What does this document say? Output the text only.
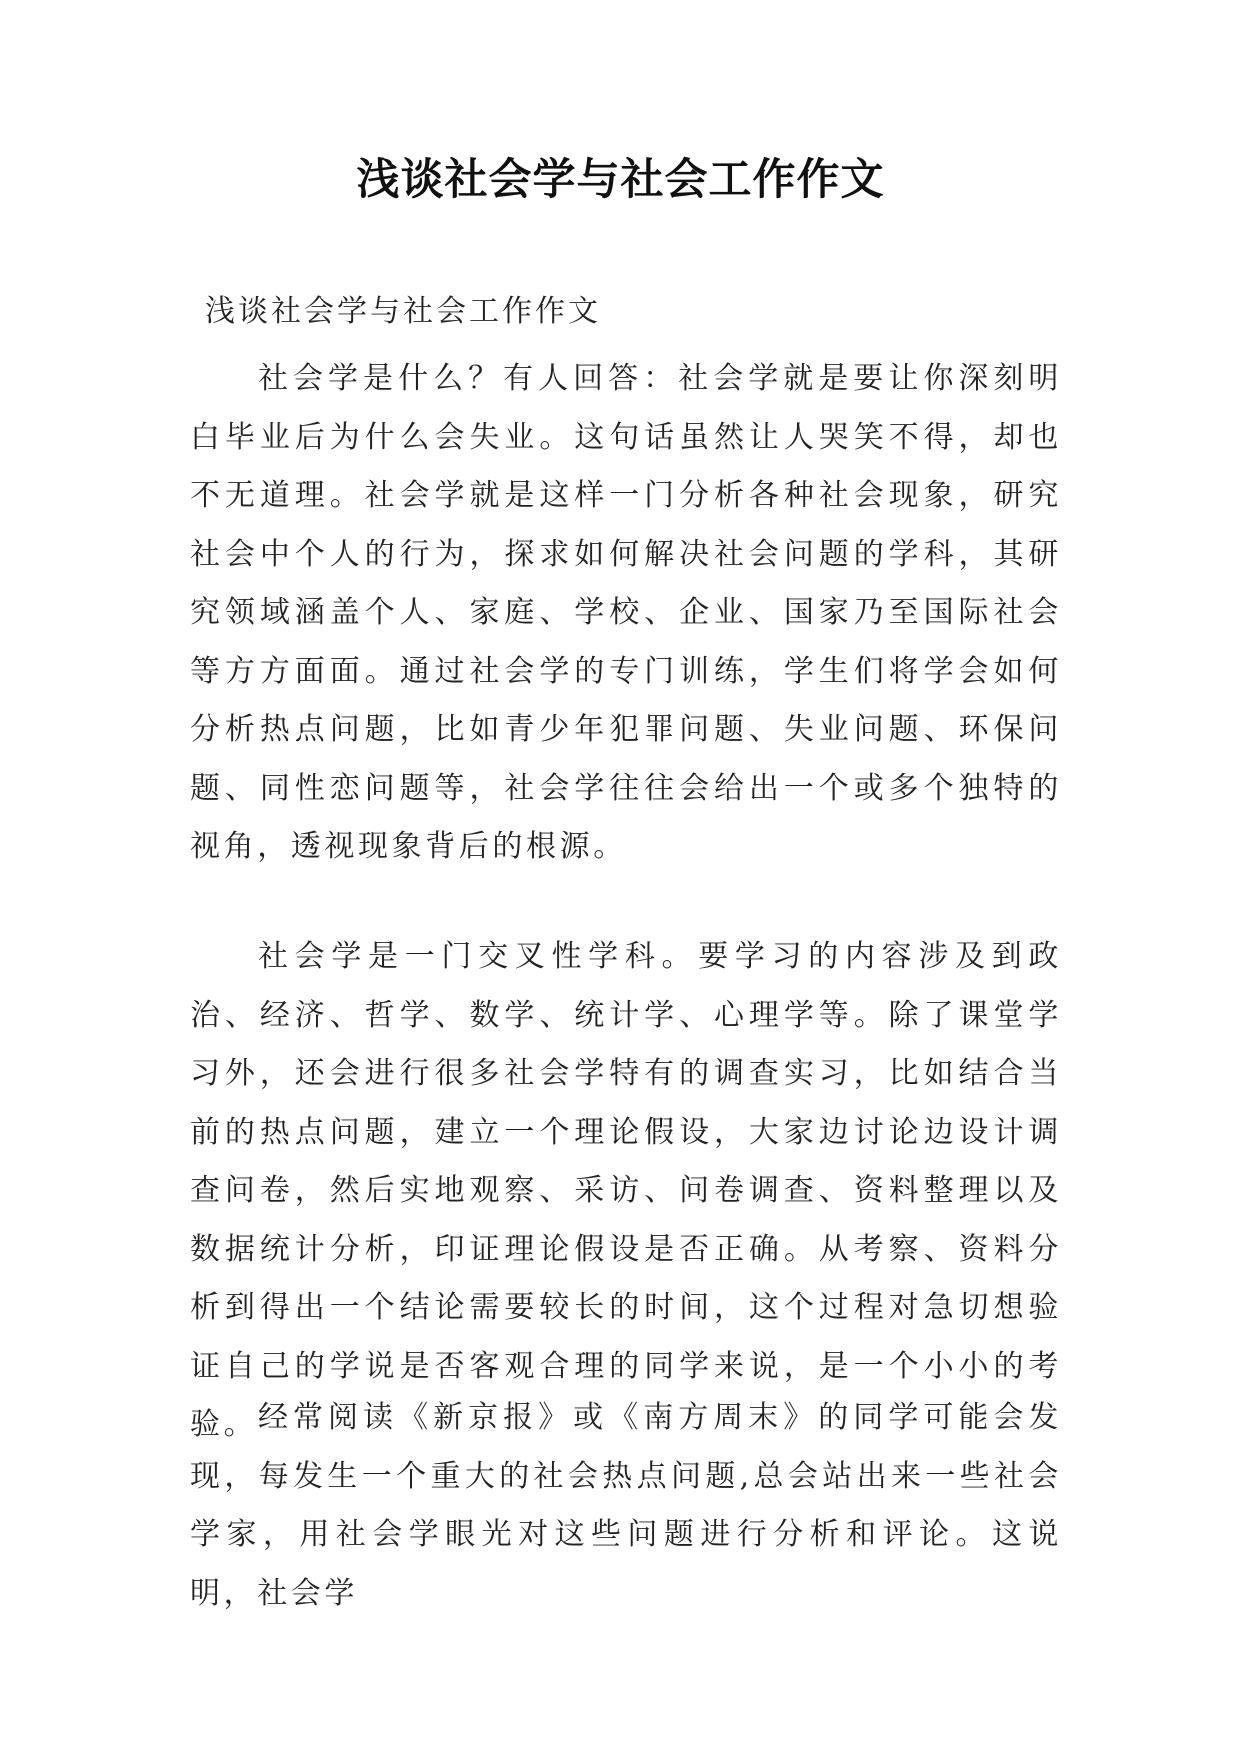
浅谈社会学与社会工作作文
浅谈社会学与社会工作作文

社会学是什么？有人回答：社会学就是要让你深刻明白毕业后为什么会失业。这句话虽然让人哭笑不得，却也不无道理。社会学就是这样一门分析各种社会现象，研究社会中个人的行为，探求如何解决社会问题的学科，其研究领域涵盖个人、家庭、学校、企业、国家乃至国际社会等方方面面。通过社会学的专门训练，学生们将学会如何分析热点问题，比如青少年犯罪问题、失业问题、环保问题、同性恋问题等，社会学往往会给出一个或多个独特的视角，透视现象背后的根源。

社会学是一门交叉性学科。要学习的内容涉及到政治、经济、哲学、数学、统计学、心理学等。除了课堂学习外，还会进行很多社会学特有的调查实习，比如结合当前的热点问题，建立一个理论假设，大家边讨论边设计调查问卷，然后实地观察、采访、问卷调查、资料整理以及数据统计分析，印证理论假设是否正确。从考察、资料分析到得出一个结论需要较长的时间，这个过程对急切想验证自己的学说是否客观合理的同学来说，是一个小小的考验。 经常阅读《新京报》或《南方周末》的同学可能会发现，每发生一个重大的社会热点问题,总会站出来一些社会学家，用社会学眼光对这些问题进行分析和评论。这说明，社会学
